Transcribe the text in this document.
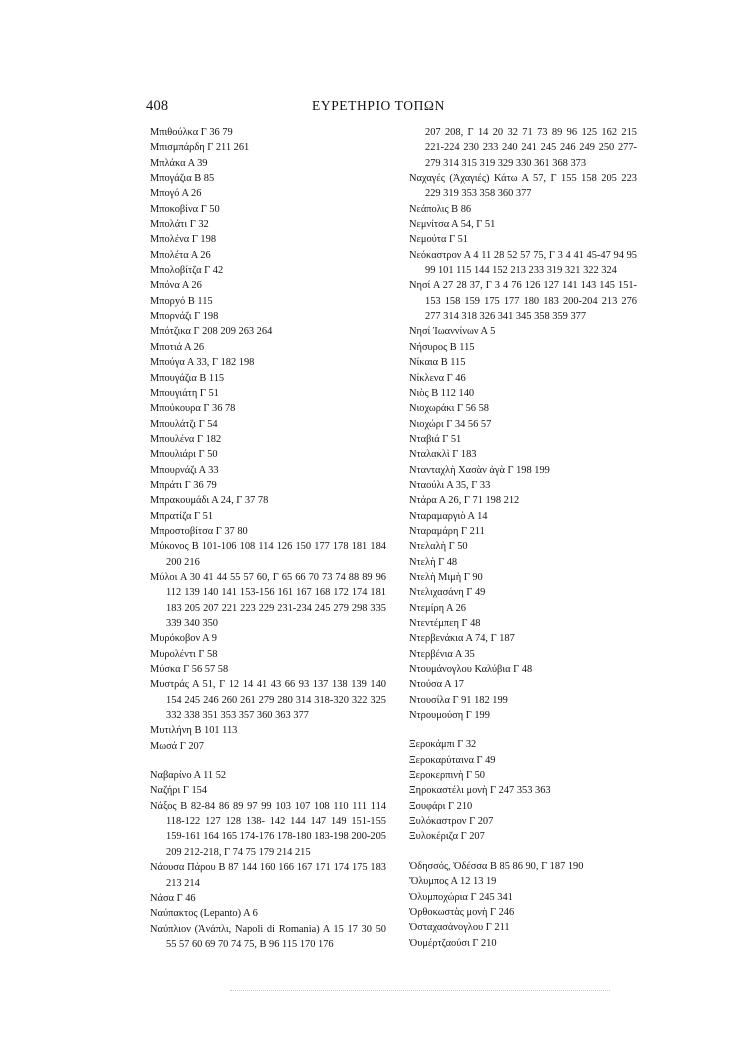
408	ΕΥΡΕΤΗΡΙΟ ΤΟΠΩΝ
Μπιθούλκα Γ 36 79
Μπισμπάρδη Γ 211 261
Μπλάκα Α 39
Μπογάζια Β 85
Μπογό Α 26
Μποκοβίνα Γ 50
Μπολάτι Γ 32
Μπολένα Γ 198
Μπολέτα Α 26
Μπολοβίτζα Γ 42
Μπόνα Α 26
Μπορyό Β 115
Μπορνάζι Γ 198
Μπότζικα Γ 208 209 263 264
Μποτιά Α 26
Μπούγα Α 33, Γ 182 198
Μπουγάζια Β 115
Μπουγιάτη Γ 51
Μπούκουρα Γ 36 78
Μπουλάτζι Γ 54
Μπουλένα Γ 182
Μπουλιάρι Γ 50
Μπουρνάζι Α 33
Μπράτι Γ 36 79
Μπρακουμάδι Α 24, Γ 37 78
Μπρατίζα Γ 51
Μπροστοβίτσα Γ 37 80
Μύκονος Β 101-106 108 114 126 150 177 178 181 184 200 216
Μύλοι Α 30 41 44 55 57 60, Γ 65 66 70 73 74 88 89 96 112 139 140 141 153-156 161 167 168 172 174 181 183 205 207 221 223 229 231-234 245 279 298 335 339 340 350
Μυρόκοβον Α 9
Μυρολέντι Γ 58
Μύσκα Γ 56 57 58
Μυστράς Α 51, Γ 12 14 41 43 66 93 137 138 139 140 154 245 246 260 261 279 280 314 318-320 322 325 332 338 351 353 357 360 363 377
Μυτιλήνη Β 101 113
Μωσά Γ 207
Ναβαρίνο Α 11 52
Ναζήρι Γ 154
Νάξος Β 82-84 86 89 97 99 103 107 108 110 111 114 118-122 127 128 138- 142 144 147 149 151-155 159-161 164 165 174-176 178-180 183-198 200-205 209 212-218, Γ 74 75 179 214 215
Νάουσα Πάρου Β 87 144 160 166 167 171 174 175 183 213 214
Νάσα Γ 46
Ναύπακτος (Lepanto) Α 6
Ναύπλιον (Ἀνάπλι, Napoli di Romania) Α 15 17 30 50 55 57 60 69 70 74 75, Β 96 115 170 176
207 208, Γ 14 20 32 71 73 89 96 125 162 215 221-224 230 233 240 241 245 246 249 250 277-279 314 315 319 329 330 361 368 373
Ναχαγές (Ἀχαγιές) Κάτω Α 57, Γ 155 158 205 223 229 319 353 358 360 377
Νεάπολις Β 86
Νεμνίτσα Α 54, Γ 51
Νεμούτα Γ 51
Νεόκαστρον Α 4 11 28 52 57 75, Γ 3 4 41 45-47 94 95 99 101 115 144 152 213 233 319 321 322 324
Νησί Α 27 28 37, Γ 3 4 76 126 127 141 143 145 151-153 158 159 175 177 180 183 200-204 213 276 277 314 318 326 341 345 358 359 377
Νησί Ἰωαννίνων Α 5
Νήσυρος Β 115
Νίκαια Β 115
Νίκλενα Γ 46
Νιὸς Β 112 140
Νιοχωράκι Γ 56 58
Νιοχώρι Γ 34 56 57
Νταβιά Γ 51
Νταλακλὶ Γ 183
Ντανταχλὴ Χασὰν ἀγὰ Γ 198 199
Νταούλι Α 35, Γ 33
Ντάρα Α 26, Γ 71 198 212
Νταραμαργιὸ Α 14
Νταραμάρη Γ 211
Ντελαλὴ Γ 50
Ντελὴ Γ 48
Ντελὴ Μιμὴ Γ 90
Ντελιχασάνη Γ 49
Ντεμίρη Α 26
Ντεντέμπεη Γ 48
Ντερβενάκια Α 74, Γ 187
Ντερβένια Α 35
Ντουμάνογλου Καλύβια Γ 48
Ντούσα Α 17
Ντουσίλα Γ 91 182 199
Ντρουμούση Γ 199
Ξεροκάμπι Γ 32
Ξεροκαρύταινα Γ 49
Ξεροκερπινὴ Γ 50
Ξηροκαστέλι μονὴ Γ 247 353 363
Ξουφάρι Γ 210
Ξυλόκαστρον Γ 207
Ξυλοκέριζα Γ 207
Ὀδησσός, Ὀδέσσα Β 85 86 90, Γ 187 190
Ὄλυμπος Α 12 13 19
Ὀλυμποχώρια Γ 245 341
Ὀρθοκωστὰς μονὴ Γ 246
Ὀσταχασάνογλου Γ 211
Ὀυμέρτζαούσι Γ 210
